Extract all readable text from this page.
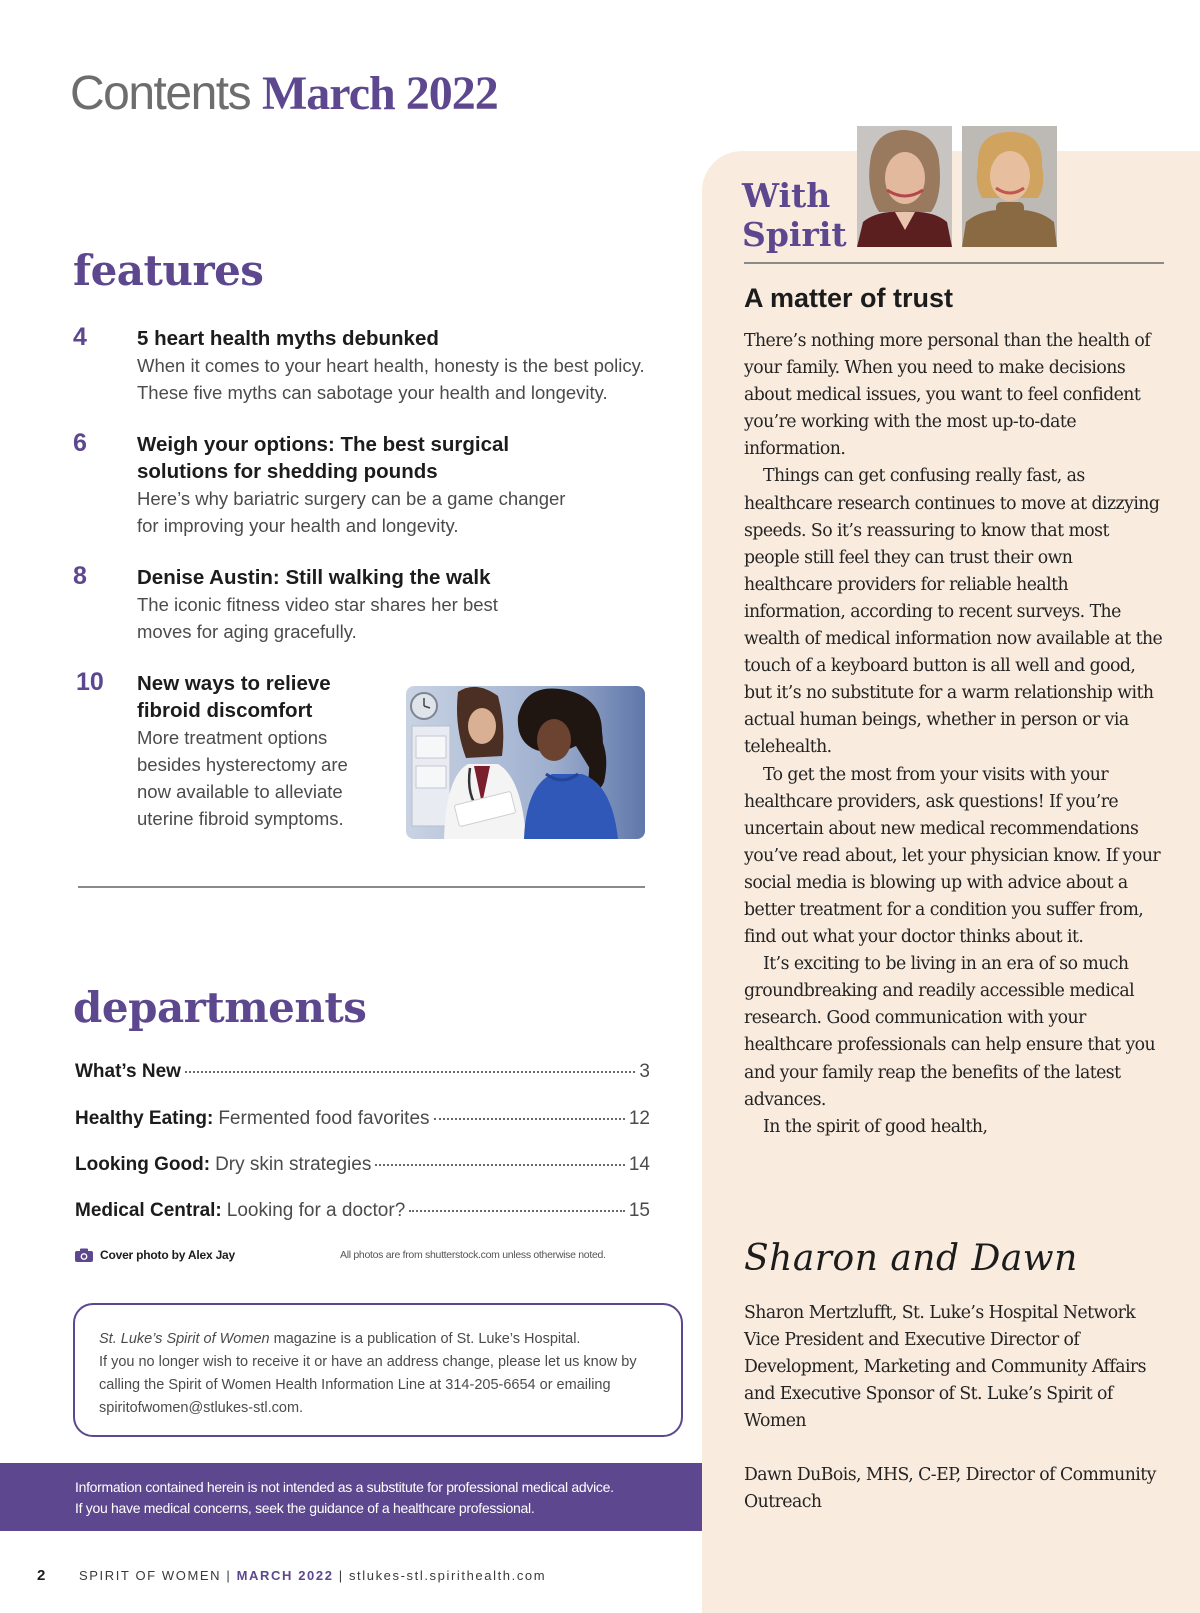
Contents March 2022
features
4 5 heart health myths debunked
When it comes to your heart health, honesty is the best policy. These five myths can sabotage your health and longevity.
6 Weigh your options: The best surgical solutions for shedding pounds
Here’s why bariatric surgery can be a game changer for improving your health and longevity.
8 Denise Austin: Still walking the walk
The iconic fitness video star shares her best moves for aging gracefully.
10 New ways to relieve fibroid discomfort
More treatment options besides hysterectomy are now available to alleviate uterine fibroid symptoms.
departments
What’s New	3
Healthy Eating: Fermented food favorites	12
Looking Good: Dry skin strategies	14
Medical Central: Looking for a doctor?	15
Cover photo by Alex Jay	All photos are from shutterstock.com unless otherwise noted.
St. Luke’s Spirit of Women magazine is a publication of St. Luke’s Hospital.
If you no longer wish to receive it or have an address change, please let us know by calling the Spirit of Women Health Information Line at 314-205-6654 or emailing spiritofwomen@stlukes-stl.com.
Information contained herein is not intended as a substitute for professional medical advice.
If you have medical concerns, seek the guidance of a healthcare professional.
2	SPIRIT OF WOMEN | MARCH 2022 | stlukes-stl.spirithealth.com
With
Spirit
A matter of trust

There’s nothing more personal than the health of your family. When you need to make decisions about medical issues, you want to feel confident you’re working with the most up-to-date information.

Things can get confusing really fast, as healthcare research continues to move at dizzying speeds. So it’s reassuring to know that most people still feel they can trust their own healthcare providers for reliable health information, according to recent surveys. The wealth of medical information now available at the touch of a keyboard button is all well and good, but it’s no substitute for a warm relationship with actual human beings, whether in person or via telehealth.

To get the most from your visits with your healthcare providers, ask questions! If you’re uncertain about new medical recommendations you’ve read about, let your physician know. If your social media is blowing up with advice about a better treatment for a condition you suffer from, find out what your doctor thinks about it.

It’s exciting to be living in an era of so much groundbreaking and readily accessible medical research. Good communication with your healthcare professionals can help ensure that you and your family reap the benefits of the latest advances.

In the spirit of good health,

Sharon and Dawn
Sharon Mertzlufft, St. Luke’s Hospital Network Vice President and Executive Director of Development, Marketing and Community Affairs and Executive Sponsor of St. Luke’s Spirit of Women
Dawn DuBois, MHS, C-EP, Director of Community Outreach
